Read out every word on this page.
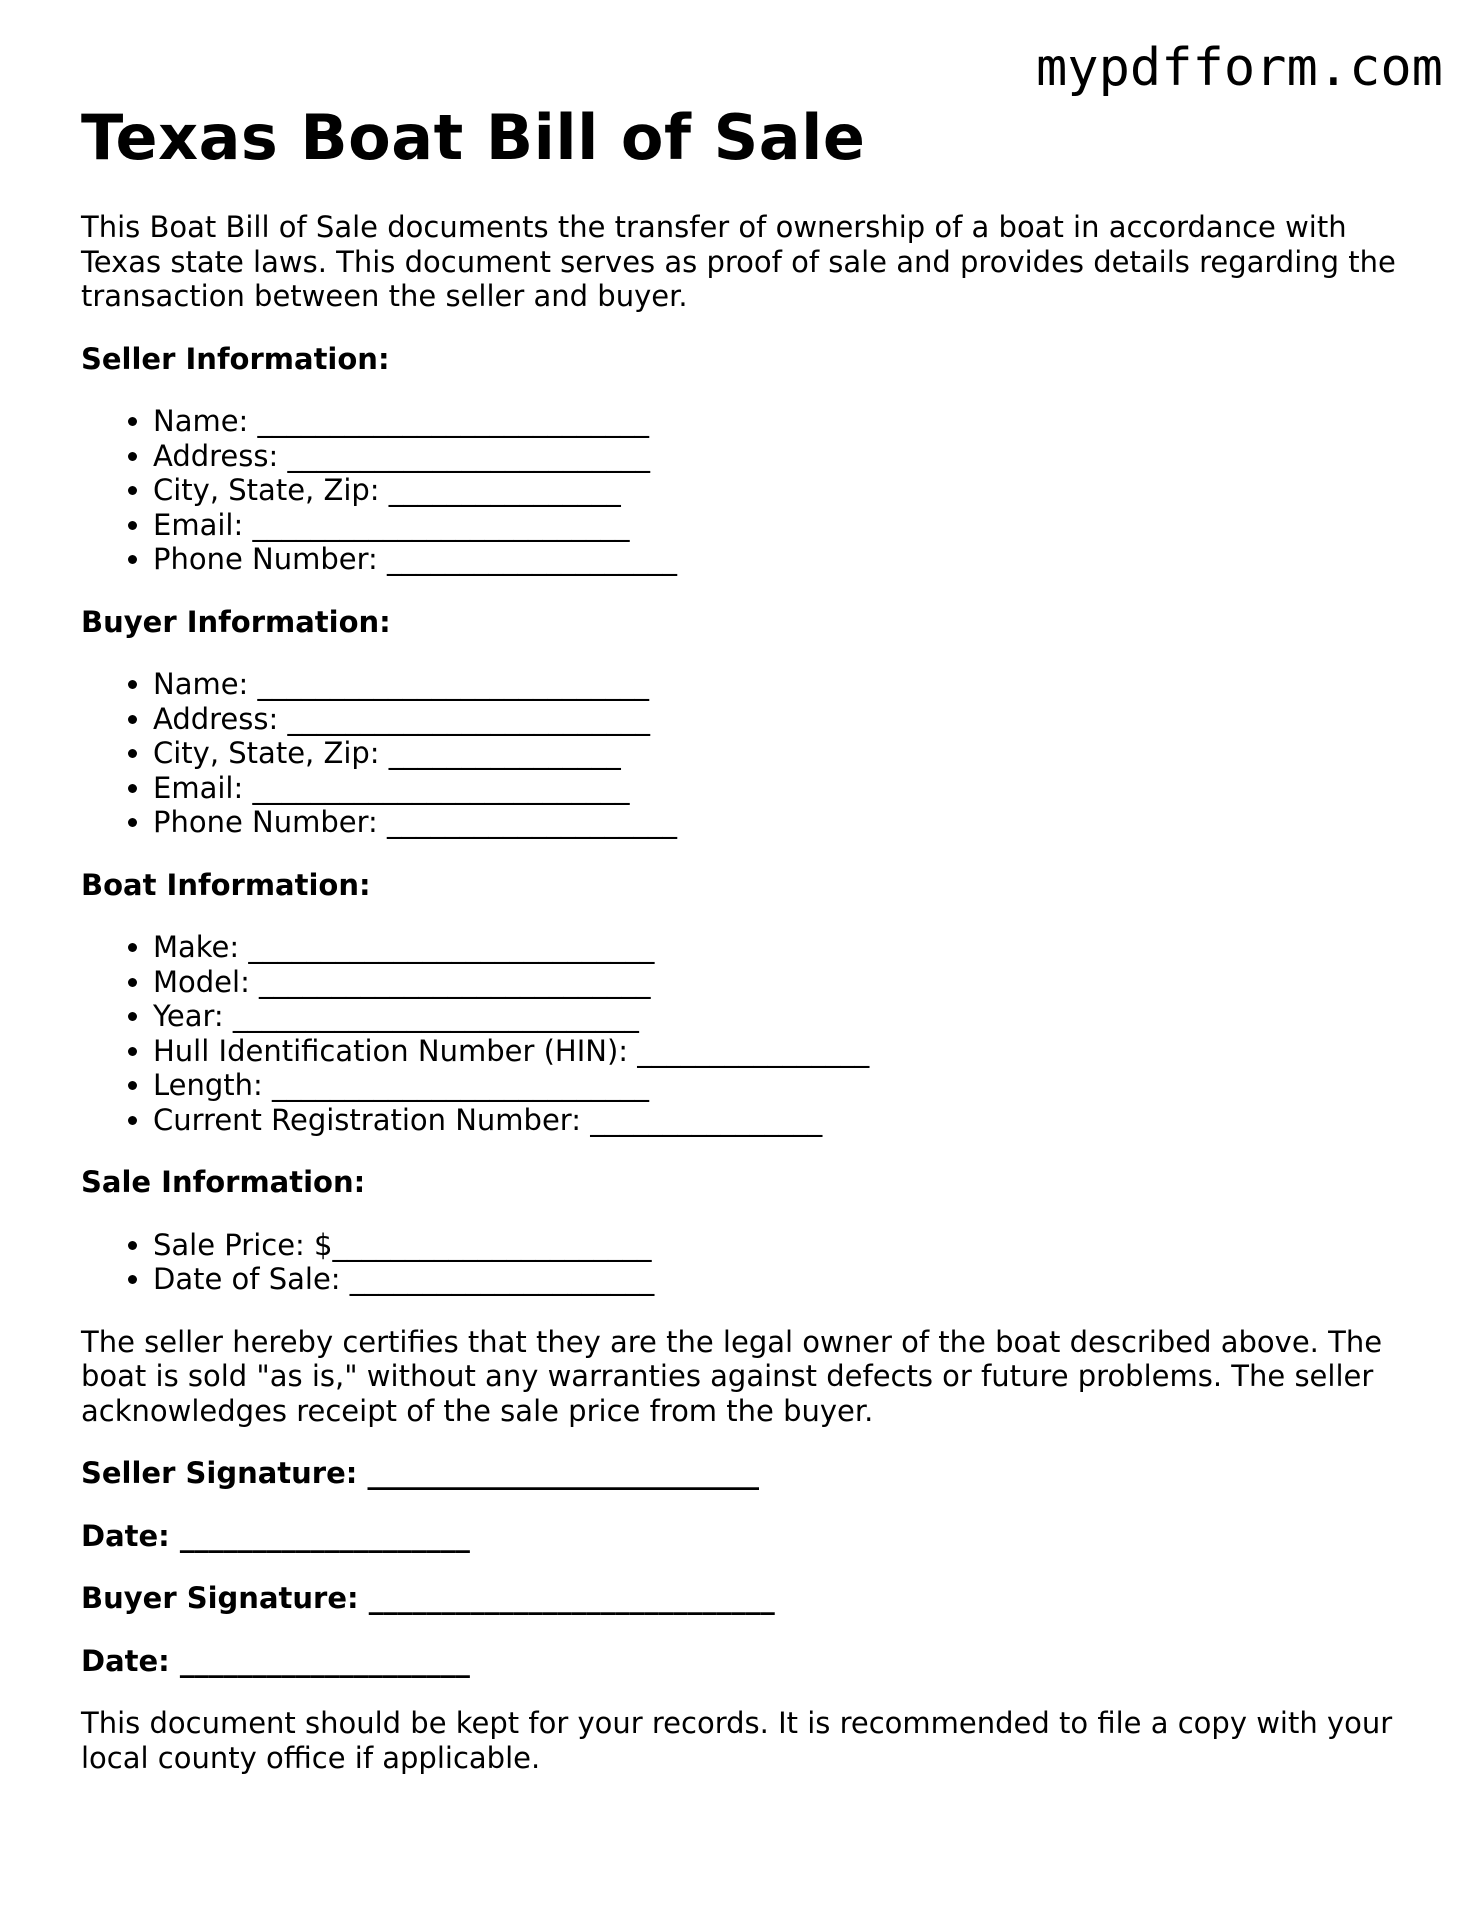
mypdfform.com
Texas Boat Bill of Sale

This Boat Bill of Sale documents the transfer of ownership of a boat in accordance with Texas state laws. This document serves as proof of sale and provides details regarding the transaction between the seller and buyer.

Seller Information:
• Name: ___________________________
• Address: _________________________
• City, State, Zip: ________________
• Email: __________________________
• Phone Number: ____________________
Buyer Information:
• Name: ___________________________
• Address: _________________________
• City, State, Zip: ________________
• Email: __________________________
• Phone Number: ____________________
Boat Information:
• Make: ____________________________
• Model: ___________________________
• Year: ____________________________
• Hull Identification Number (HIN): ________________
• Length: __________________________
• Current Registration Number: ________________
Sale Information:
• Sale Price: $______________________
• Date of Sale: _____________________

The seller hereby certifies that they are the legal owner of the boat described above. The boat is sold "as is," without any warranties against defects or future problems. The seller acknowledges receipt of the sale price from the buyer.

Seller Signature: ___________________________

Date: ____________________

Buyer Signature: ____________________________

Date: ____________________

This document should be kept for your records. It is recommended to file a copy with your local county office if applicable.
